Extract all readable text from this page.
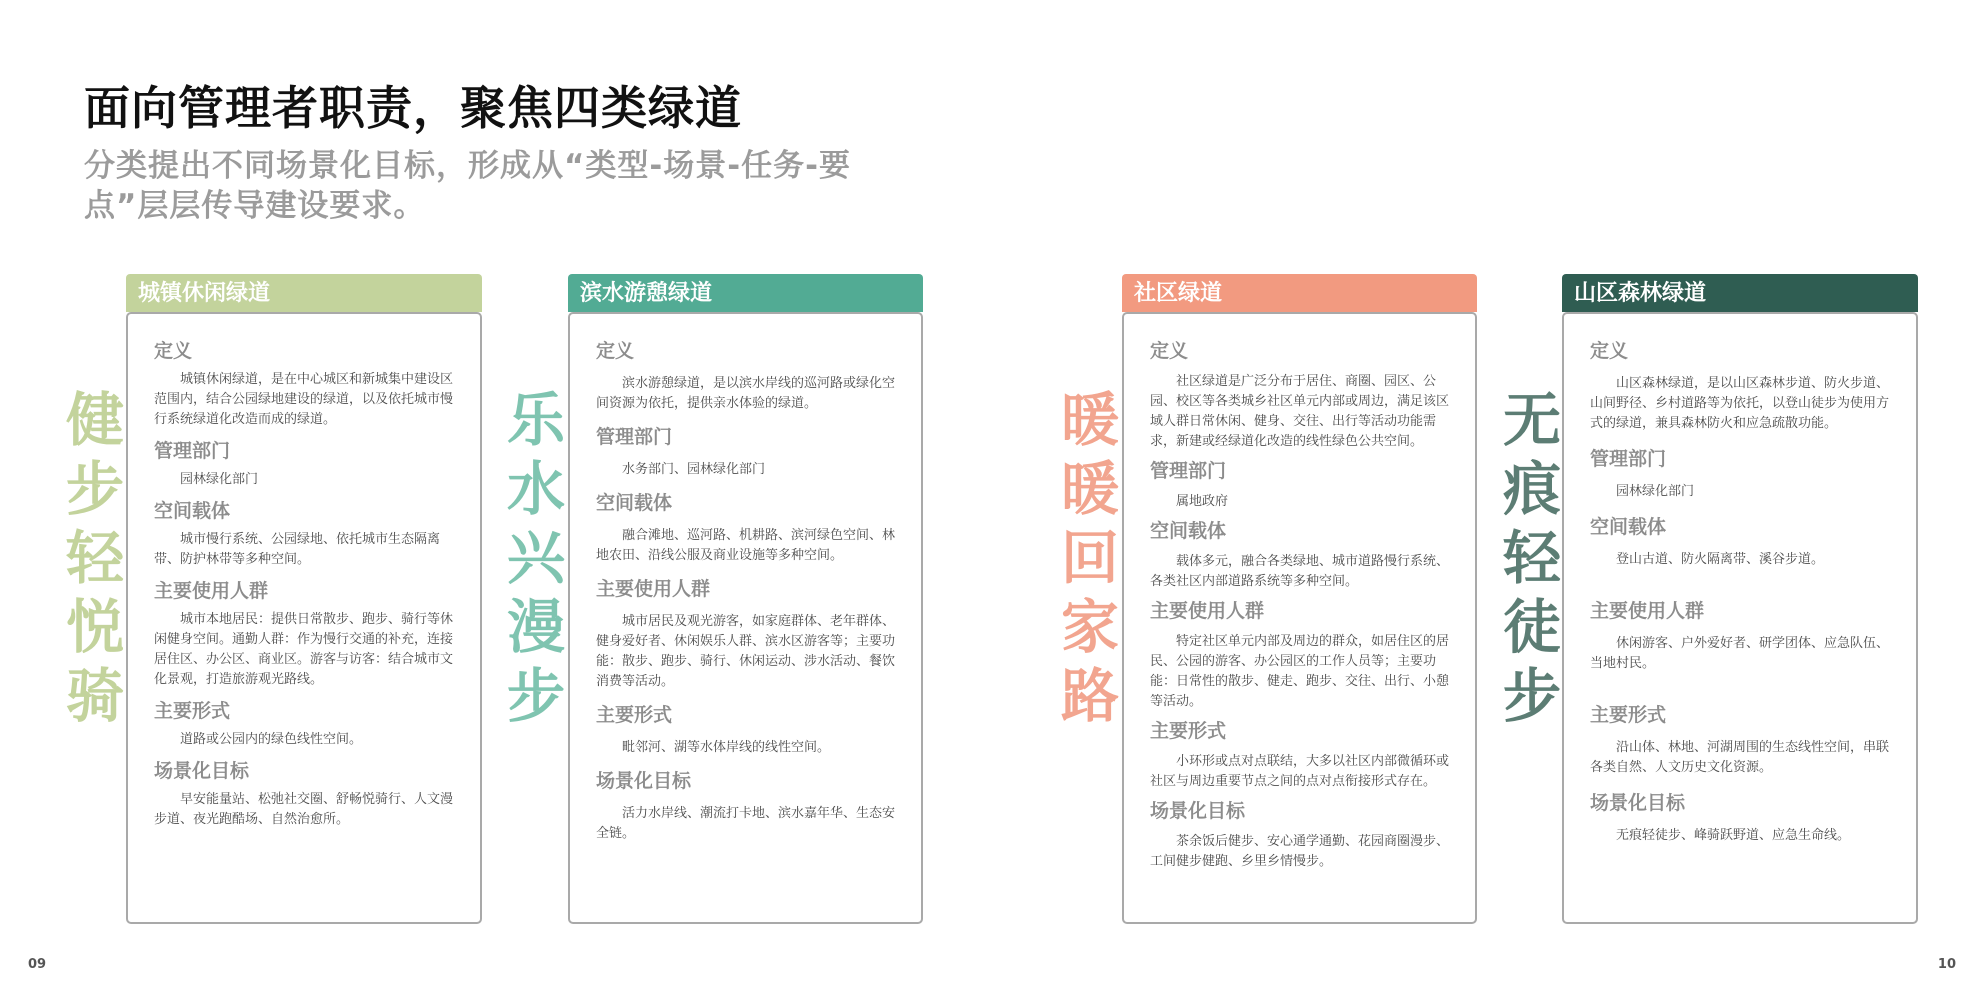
面向管理者职责，聚焦四类绿道

分类提出不同场景化目标，形成从“类型-场景-任务-要点”层层传导建设要求。

健步轻悦骑
城镇休闲绿道

定义

城镇休闲绿道，是在中心城区和新城集中建设区范围内，结合公园绿地建设的绿道，以及依托城市慢行系统绿道化改造而成的绿道。

管理部门

园林绿化部门

空间载体

城市慢行系统、公园绿地、依托城市生态隔离带、防护林带等多种空间。

主要使用人群

城市本地居民：提供日常散步、跑步、骑行等休闲健身空间。通勤人群：作为慢行交通的补充，连接居住区、办公区、商业区。游客与访客：结合城市文化景观，打造旅游观光路线。

主要形式

道路或公园内的绿色线性空间。

场景化目标

早安能量站、松弛社交圈、舒畅悦骑行、人文漫步道、夜光跑酷场、自然治愈所。

乐水兴漫步
滨水游憩绿道

定义

滨水游憩绿道，是以滨水岸线的巡河路或绿化空间资源为依托，提供亲水体验的绿道。

管理部门

水务部门、园林绿化部门

空间载体

融合滩地、巡河路、机耕路、滨河绿色空间、林地农田、沿线公服及商业设施等多种空间。

主要使用人群

城市居民及观光游客，如家庭群体、老年群体、健身爱好者、休闲娱乐人群、滨水区游客等；主要功能：散步、跑步、骑行、休闲运动、涉水活动、餐饮消费等活动。

主要形式

毗邻河、湖等水体岸线的线性空间。

场景化目标

活力水岸线、潮流打卡地、滨水嘉年华、生态安全链。

暖暖回家路
社区绿道

定义

社区绿道是广泛分布于居住、商圈、园区、公园、校区等各类城乡社区单元内部或周边，满足该区域人群日常休闲、健身、交往、出行等活动功能需求，新建或经绿道化改造的线性绿色公共空间。

管理部门

属地政府

空间载体

载体多元，融合各类绿地、城市道路慢行系统、各类社区内部道路系统等多种空间。

主要使用人群

特定社区单元内部及周边的群众，如居住区的居民、公园的游客、办公园区的工作人员等；主要功能：日常性的散步、健走、跑步、交往、出行、小憩等活动。

主要形式

小环形或点对点联结，大多以社区内部微循环或社区与周边重要节点之间的点对点衔接形式存在。

场景化目标

茶余饭后健步、安心通学通勤、花园商圈漫步、工间健步健跑、乡里乡情慢步。

无痕轻徒步
山区森林绿道

定义

山区森林绿道，是以山区森林步道、防火步道、山间野径、乡村道路等为依托，以登山徒步为使用方式的绿道，兼具森林防火和应急疏散功能。

管理部门

园林绿化部门

空间载体

登山古道、防火隔离带、溪谷步道。

主要使用人群

休闲游客、户外爱好者、研学团体、应急队伍、当地村民。

主要形式

沿山体、林地、河湖周围的生态线性空间，串联各类自然、人文历史文化资源。

场景化目标

无痕轻徒步、峰骑跃野道、应急生命线。

09	10
